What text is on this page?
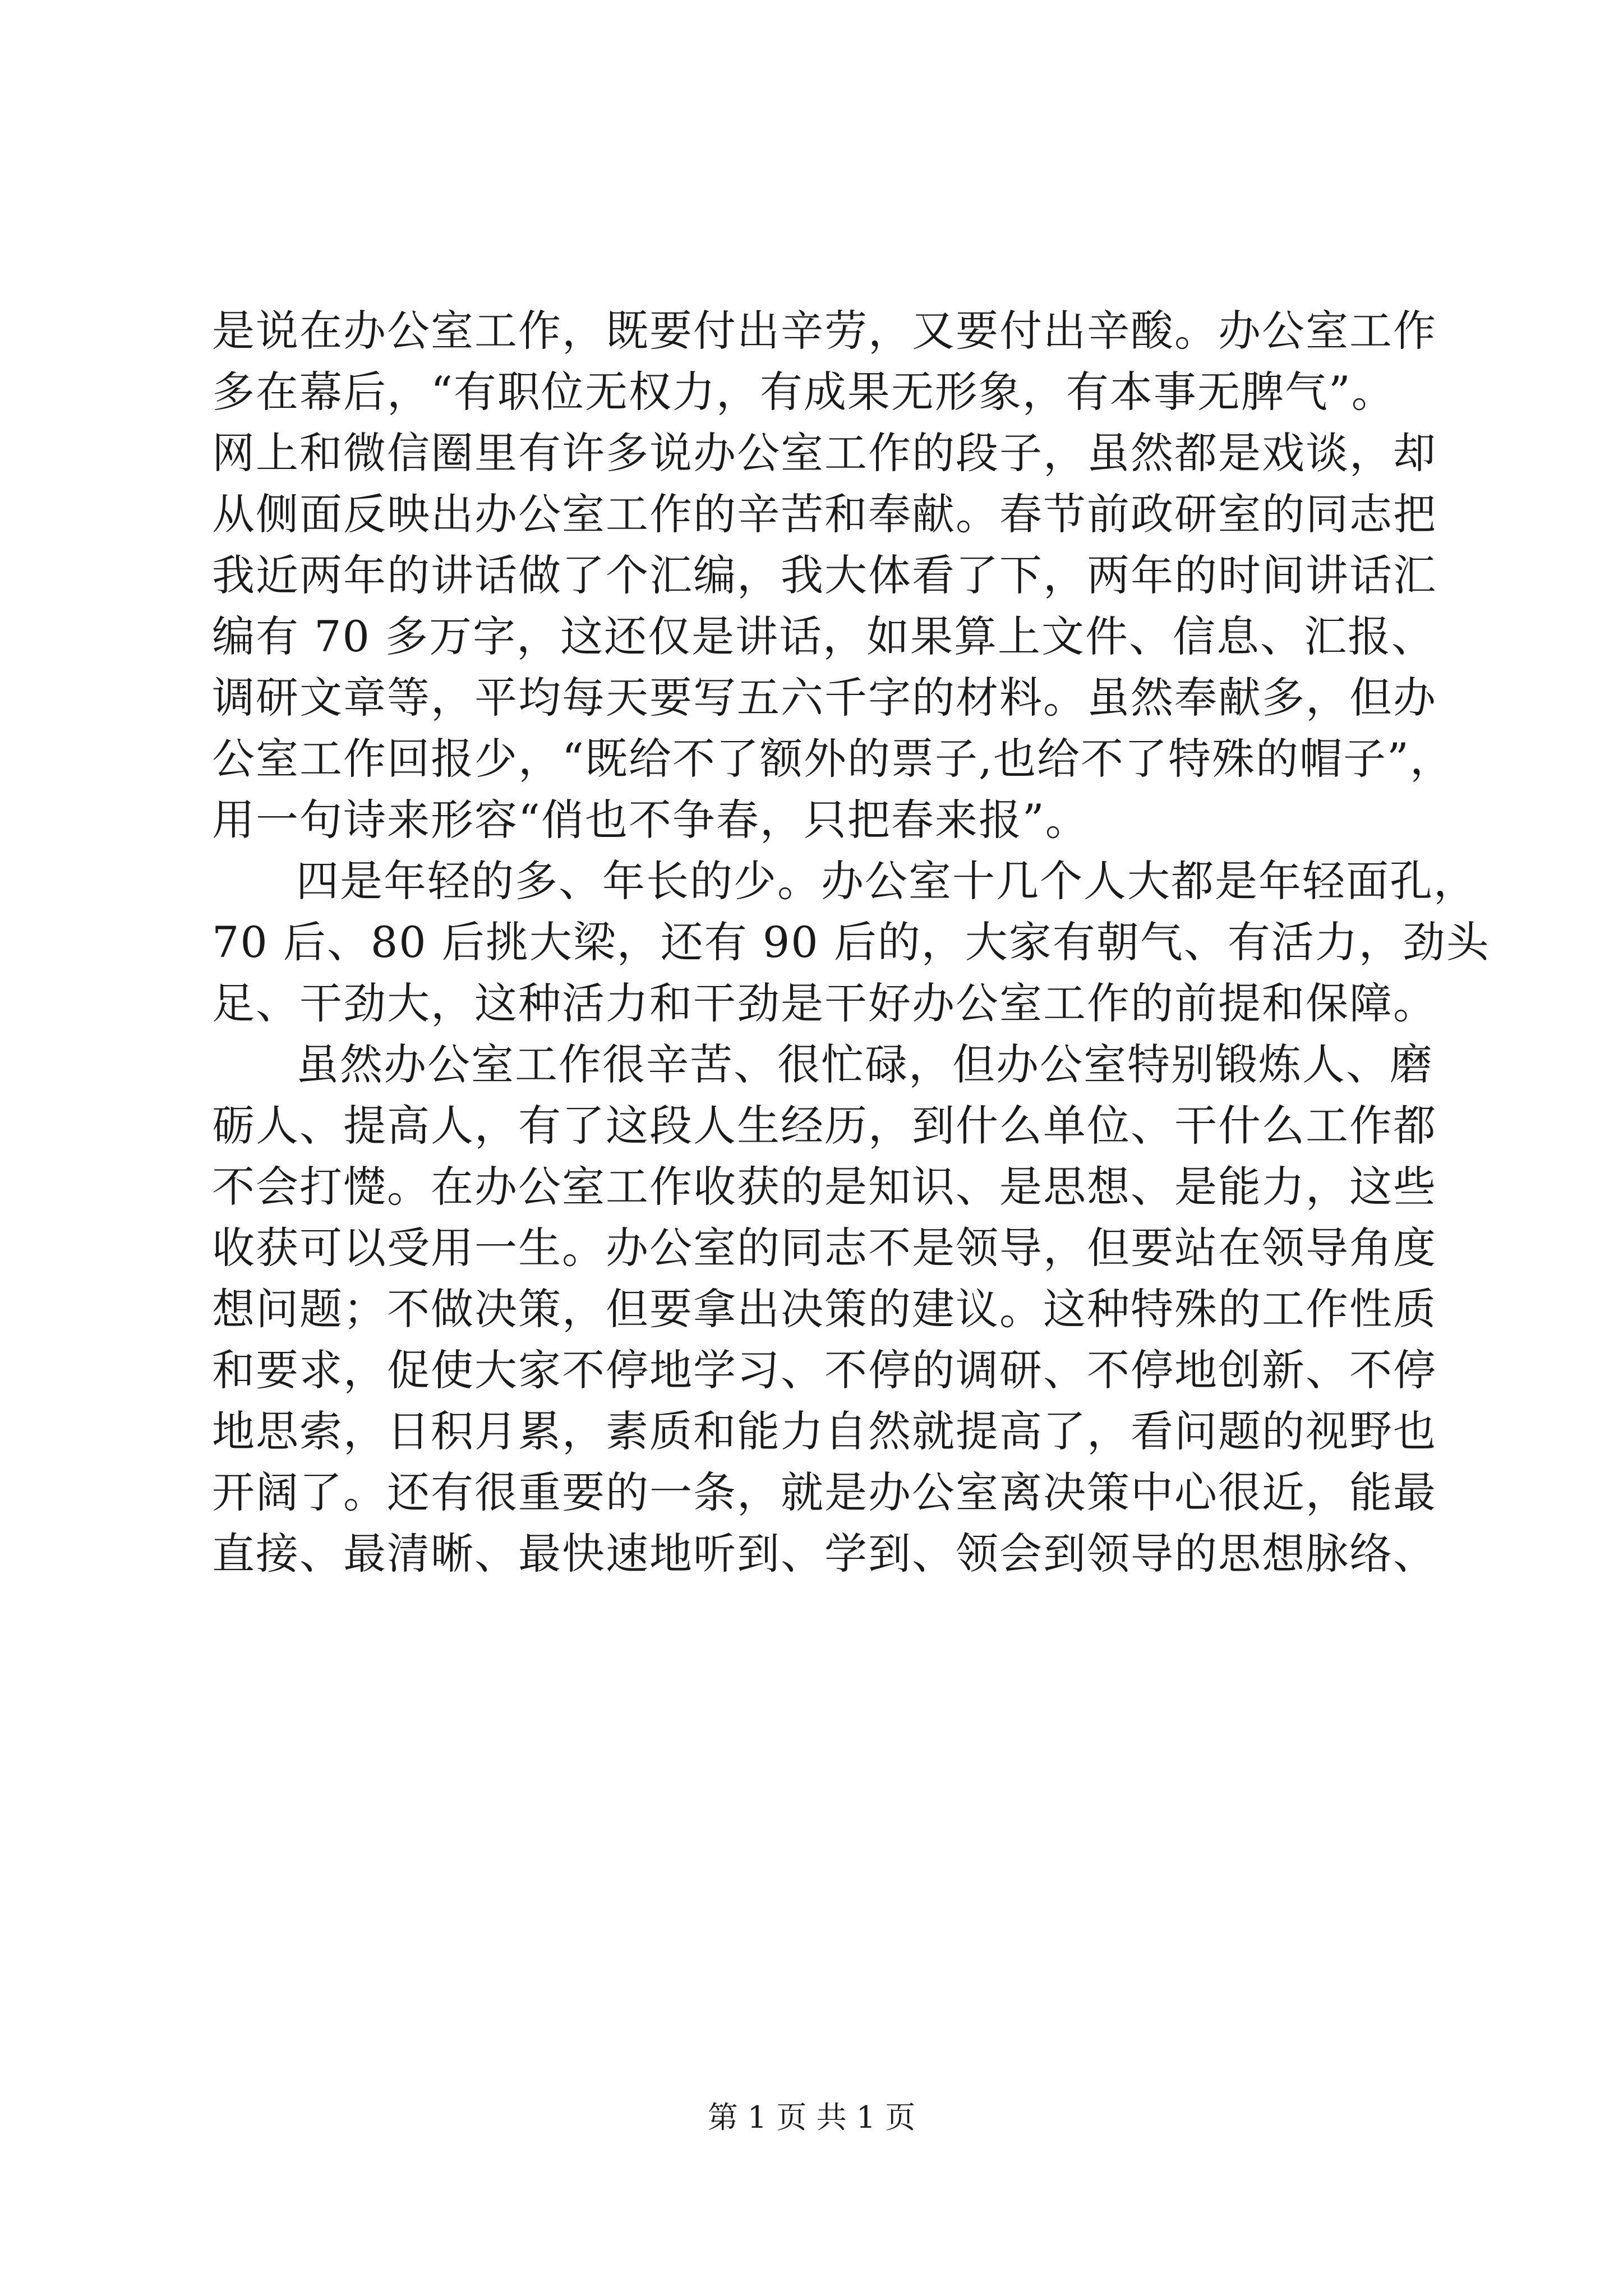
是说在办公室工作，既要付出辛劳，又要付出辛酸。办公室工作
多在幕后，“有职位无权力，有成果无形象，有本事无脾气”。
网上和微信圈里有许多说办公室工作的段子，虽然都是戏谈，却
从侧面反映出办公室工作的辛苦和奉献。春节前政研室的同志把
我近两年的讲话做了个汇编，我大体看了下，两年的时间讲话汇
编有 70 多万字，这还仅是讲话，如果算上文件、信息、汇报、
调研文章等，平均每天要写五六千字的材料。虽然奉献多，但办
公室工作回报少，“既给不了额外的票子,也给不了特殊的帽子”，
用一句诗来形容“俏也不争春，只把春来报”。
四是年轻的多、年长的少。办公室十几个人大都是年轻面孔，
70 后、80 后挑大梁，还有 90 后的，大家有朝气、有活力，劲头
足、干劲大，这种活力和干劲是干好办公室工作的前提和保障。
虽然办公室工作很辛苦、很忙碌，但办公室特别锻炼人、磨
砺人、提高人，有了这段人生经历，到什么单位、干什么工作都
不会打憷。在办公室工作收获的是知识、是思想、是能力，这些
收获可以受用一生。办公室的同志不是领导，但要站在领导角度
想问题；不做决策，但要拿出决策的建议。这种特殊的工作性质
和要求，促使大家不停地学习、不停的调研、不停地创新、不停
地思索，日积月累，素质和能力自然就提高了，看问题的视野也
开阔了。还有很重要的一条，就是办公室离决策中心很近，能最
直接、最清晰、最快速地听到、学到、领会到领导的思想脉络、
第 1 页 共 1 页
